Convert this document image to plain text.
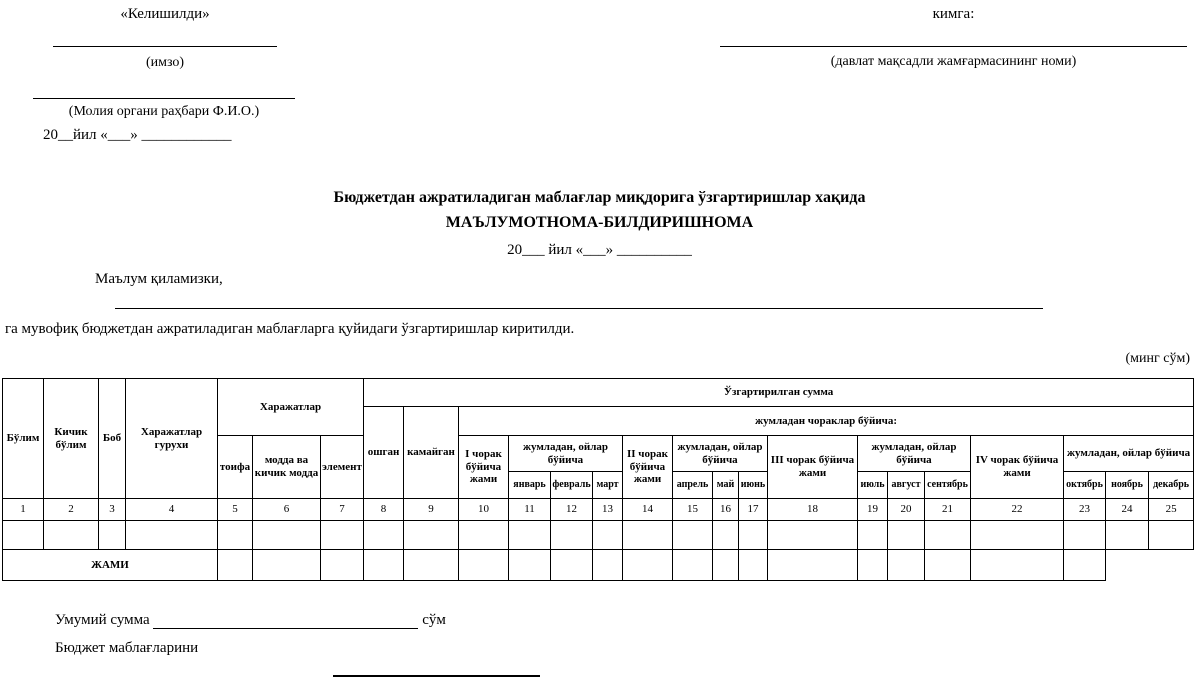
«Келишилди»
(имзо)
(Молия органи раҳбари Ф.И.О.)
20__йил «___» ____________
кимга:
(давлат мақсадли жамғармасининг номи)
Бюджетдан ажратиладиган маблағлар миқдорига ўзгартиришлар хақида
МАЪЛУМОТНОМА-БИЛДИРИШНОМА
20___ йил «___» __________
Маълум қиламизки,
га мувофиқ бюджетдан ажратиладиган маблағларга қуйидаги ўзгартиришлар киритилди.
(минг сўм)
Бўлим	Кичик бўлим	Боб	Харажатлар гурухи	Харажатлар			Ўзгартирилган сумма																	
							ошган	камайган	жумладан чораклар бўйича:															
				тоифа	модда ва кичик модда	элемент			I чорак бўйича жами	жумладан, ойлар бўйича			II чорак бўйича жами	жумладан, ойлар бўйича			III чорак бўйича жами	жумладан, ойлар бўйича			IV чорак бўйича жами	жумладан, ойлар бўйича		
										январь	февраль	март		апрель	май	июнь		июль	август	сентябрь		октябрь	ноябрь	декабрь
1	2	3	4	5	6	7	8	9	10	11	12	13	14	15	16	17	18	19	20	21	22	23	24	25

ЖАМИ																								
Умумий сумма	сўм
Бюджет маблағларини
